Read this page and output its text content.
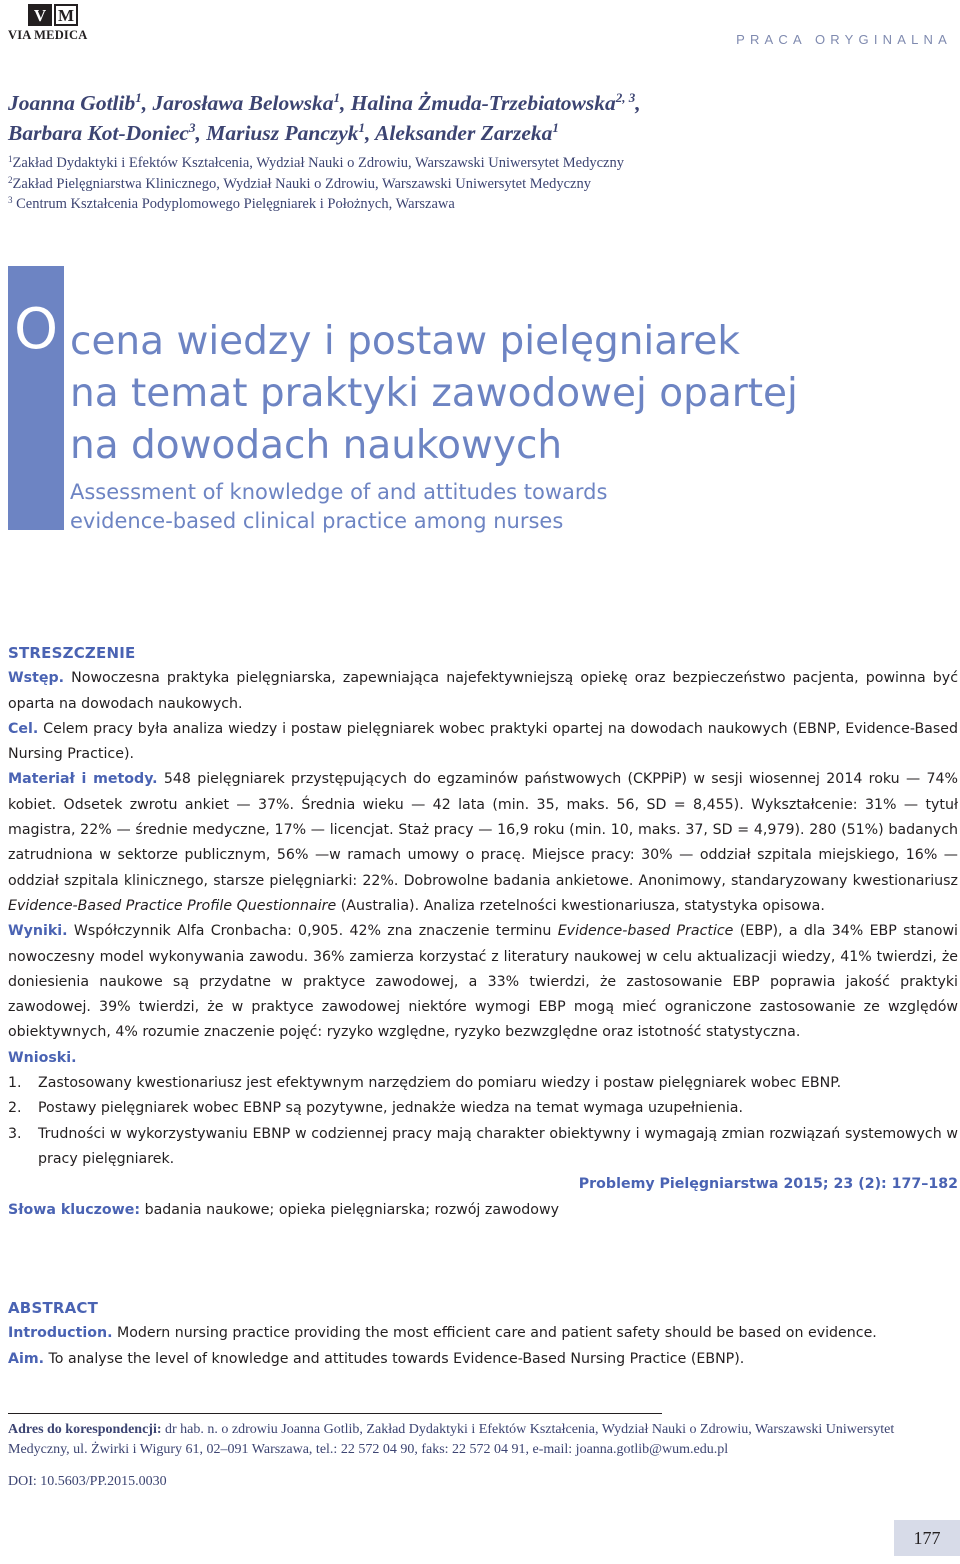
V M
VIA MEDICA	PRACA ORYGINALNA
Joanna Gotlib$^1$, Jarosława Belowska$^1$, Halina Żmuda-Trzebiatowska$^{2, 3}$,
Barbara Kot-Doniec$^3$, Mariusz Panczyk$^1$, Aleksander Zarzeka$^1$
$^1$Zakład Dydaktyki i Efektów Kształcenia, Wydział Nauki o Zdrowiu, Warszawski Uniwersytet Medyczny
$^2$Zakład Pielęgniarstwa Klinicznego, Wydział Nauki o Zdrowiu, Warszawski Uniwersytet Medyczny
$^3$ Centrum Kształcenia Podyplomowego Pielęgniarek i Położnych, Warszawa
O cena wiedzy i postaw pielęgniarek
na temat praktyki zawodowej opartej
na dowodach naukowych
Assessment of knowledge of and attitudes towards
evidence-based clinical practice among nurses
STRESZCZENIE
Wstęp. Nowoczesna praktyka pielęgniarska, zapewniająca najefektywniejszą opiekę oraz bezpieczeństwo pacjenta, powinna być oparta na dowodach naukowych.
Cel. Celem pracy była analiza wiedzy i postaw pielęgniarek wobec praktyki opartej na dowodach naukowych (EBNP, Evidence-Based Nursing Practice).
Materiał i metody. 548 pielęgniarek przystępujących do egzaminów państwowych (CKPPiP) w sesji wiosennej 2014 roku — 74% kobiet. Odsetek zwrotu ankiet — 37%. Średnia wieku — 42 lata (min. 35, maks. 56, SD = 8,455). Wykształcenie: 31% — tytuł magistra, 22% — średnie medyczne, 17% — licencjat. Staż pracy — 16,9 roku (min. 10, maks. 37, SD = 4,979). 280 (51%) badanych zatrudniona w sektorze publicznym, 56% —w ramach umowy o pracę. Miejsce pracy: 30% — oddział szpitala miejskiego, 16% — oddział szpitala klinicznego, starsze pielęgniarki: 22%. Dobrowolne badania ankietowe. Anonimowy, standaryzowany kwestionariusz Evidence-Based Practice Profile Questionnaire (Australia). Analiza rzetelności kwestionariusza, statystyka opisowa.
Wyniki. Współczynnik Alfa Cronbacha: 0,905. 42% zna znaczenie terminu Evidence-based Practice (EBP), a dla 34% EBP stanowi nowoczesny model wykonywania zawodu. 36% zamierza korzystać z literatury naukowej w celu aktualizacji wiedzy, 41% twierdzi, że doniesienia naukowe są przydatne w praktyce zawodowej, a 33% twierdzi, że zastosowanie EBP poprawia jakość praktyki zawodowej. 39% twierdzi, że w praktyce zawodowej niektóre wymogi EBP mogą mieć ograniczone zastosowanie ze względów obiektywnych, 4% rozumie znaczenie pojęć: ryzyko względne, ryzyko bezwzględne oraz istotność statystyczna.
Wnioski.
1.	Zastosowany kwestionariusz jest efektywnym narzędziem do pomiaru wiedzy i postaw pielęgniarek wobec EBNP.
2.	Postawy pielęgniarek wobec EBNP są pozytywne, jednakże wiedza na temat wymaga uzupełnienia.
3.	Trudności w wykorzystywaniu EBNP w codziennej pracy mają charakter obiektywny i wymagają zmian rozwiązań systemowych w pracy pielęgniarek.
Problemy Pielęgniarstwa 2015; 23 (2): 177–182
Słowa kluczowe: badania naukowe; opieka pielęgniarska; rozwój zawodowy
ABSTRACT
Introduction. Modern nursing practice providing the most efficient care and patient safety should be based on evidence.
Aim. To analyse the level of knowledge and attitudes towards Evidence-Based Nursing Practice (EBNP).
Adres do korespondencji: dr hab. n. o zdrowiu Joanna Gotlib, Zakład Dydaktyki i Efektów Kształcenia, Wydział Nauki o Zdrowiu, Warszawski Uniwersytet Medyczny, ul. Żwirki i Wigury 61, 02–091 Warszawa, tel.: 22 572 04 90, faks: 22 572 04 91, e-mail: joanna.gotlib@wum.edu.pl
DOI: 10.5603/PP.2015.0030
177
